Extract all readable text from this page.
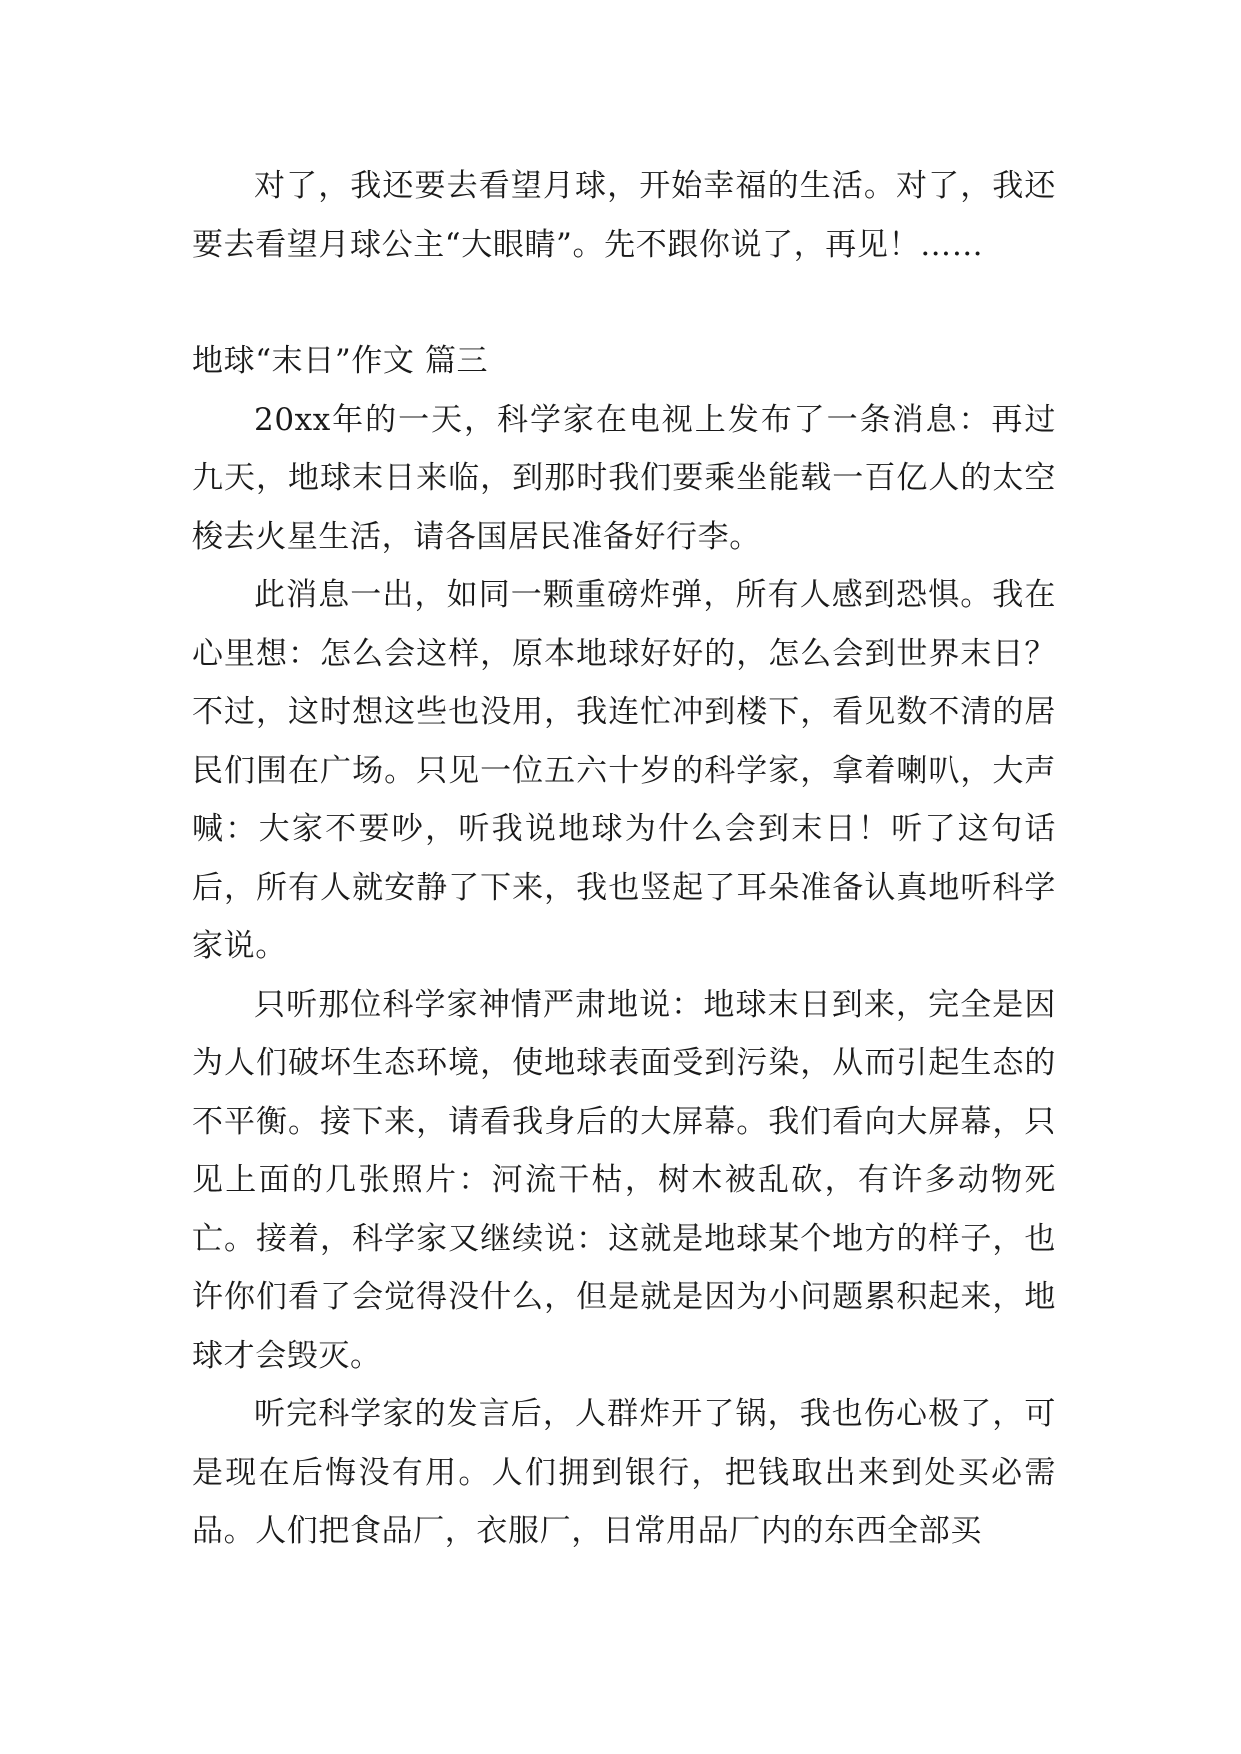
对了，我还要去看望月球，开始幸福的生活。对了，我还要去看望月球公主“大眼睛”。先不跟你说了，再见！……

地球“末日”作文 篇三

20xx年的一天，科学家在电视上发布了一条消息：再过九天，地球末日来临，到那时我们要乘坐能载一百亿人的太空梭去火星生活，请各国居民准备好行李。

此消息一出，如同一颗重磅炸弹，所有人感到恐惧。我在心里想：怎么会这样，原本地球好好的，怎么会到世界末日？不过，这时想这些也没用，我连忙冲到楼下，看见数不清的居民们围在广场。只见一位五六十岁的科学家，拿着喇叭，大声喊：大家不要吵，听我说地球为什么会到末日！听了这句话后，所有人就安静了下来，我也竖起了耳朵准备认真地听科学家说。

只听那位科学家神情严肃地说：地球末日到来，完全是因为人们破坏生态环境，使地球表面受到污染，从而引起生态的不平衡。接下来，请看我身后的大屏幕。我们看向大屏幕，只见上面的几张照片：河流干枯，树木被乱砍，有许多动物死亡。接着，科学家又继续说：这就是地球某个地方的样子，也许你们看了会觉得没什么，但是就是因为小问题累积起来，地球才会毁灭。

听完科学家的发言后，人群炸开了锅，我也伤心极了，可是现在后悔没有用。人们拥到银行，把钱取出来到处买必需品。人们把食品厂，衣服厂，日常用品厂内的东西全部买
